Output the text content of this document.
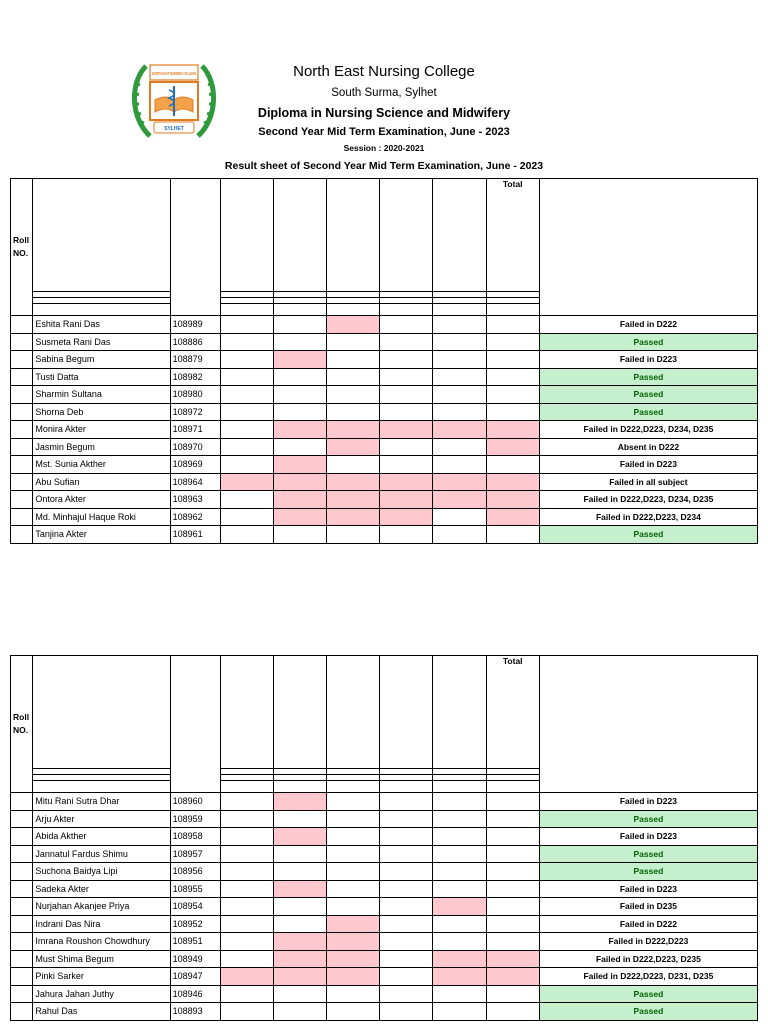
NORTH EAST NURSING COLLEGE
SYLHET
North East Nursing College
South Surma, Sylhet
Diploma in Nursing Science and Midwifery
Second Year Mid Term Examination, June - 2023
Session : 2020-2021
Result sheet of Second Year Mid Term Examination, June - 2023
Roll
NO.								Total	

	Eshita Rani Das	108989							Failed in D222
	Susmeta Rani Das	108886							Passed
	Sabina Begum	108879							Failed in D223
	Tusti Datta	108982							Passed
	Sharmin Sultana	108980							Passed
	Shorna Deb	108972							Passed
	Monira Akter	108971							Failed in D222,D223, D234, D235
	Jasmin Begum	108970							Absent in D222
	Mst. Sunia Akther	108969							Failed in D223
	Abu Sufian	108964							Failed in all subject
	Ontora Akter	108963							Failed in D222,D223, D234, D235
	Md. Minhajul Haque Roki	108962							Failed in D222,D223, D234
	Tanjina Akter	108961							Passed
Roll
NO.								Total	

	Mitu Rani Sutra Dhar	108960							Failed in D223
	Arju Akter	108959							Passed
	Abida Akther	108958							Failed in D223
	Jannatul Fardus Shimu	108957							Passed
	Suchona Baidya Lipi	108956							Passed
	Sadeka Akter	108955							Failed in D223
	Nurjahan Akanjee Priya	108954							Failed in D235
	Indrani Das Nira	108952							Failed in D222
	Imrana Roushon Chowdhury	108951							Failed in D222,D223
	Must Shima Begum	108949							Failed in D222,D223, D235
	Pinki Sarker	108947							Failed in D222,D223, D231, D235
	Jahura Jahan Juthy	108946							Passed
	Rahul Das	108893							Passed
